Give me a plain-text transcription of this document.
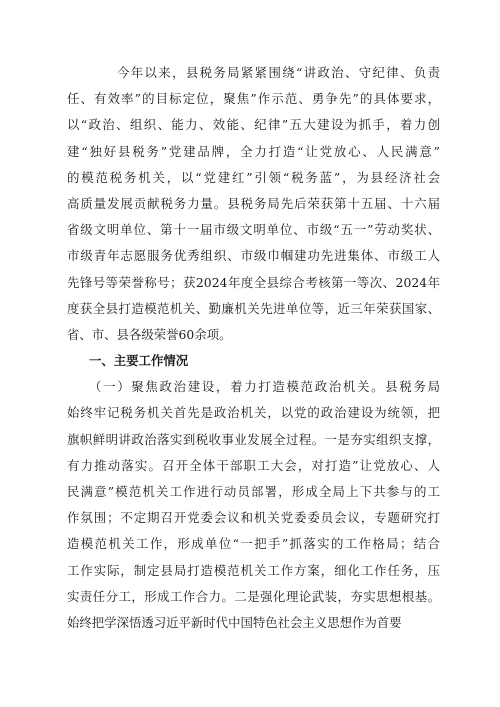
今年以来，县税务局紧紧围绕“讲政治、守纪律、负责
任、有效率”的目标定位，聚焦”作示范、勇争先”的具体要求，
以“政治、组织、能力、效能、纪律”五大建设为抓手，着力创
建“独好县税务”党建品牌，全力打造“让党放心、人民满意”
的模范税务机关，以“党建红”引领“税务蓝”，为县经济社会
高质量发展贡献税务力量。县税务局先后荣获第十五届、十六届
省级文明单位、第十一届市级文明单位、市级“五一”劳动奖状、
市级青年志愿服务优秀组织、市级巾帼建功先进集体、市级工人
先锋号等荣誉称号；获2024年度全县综合考核第一等次、2024年
度获全县打造模范机关、勤廉机关先进单位等，近三年荣获国家、
省、市、县各级荣誉60余项。
一、主要工作情况
（一）聚焦政治建设，着力打造模范政治机关。县税务局
始终牢记税务机关首先是政治机关，以党的政治建设为统领，把
旗帜鲜明讲政治落实到税收事业发展全过程。一是夯实组织支撑，
有力推动落实。召开全体干部职工大会，对打造”让党放心、人
民满意”模范机关工作进行动员部署，形成全局上下共参与的工
作氛围；不定期召开党委会议和机关党委委员会议，专题研究打
造模范机关工作，形成单位“一把手”抓落实的工作格局；结合
工作实际，制定县局打造模范机关工作方案，细化工作任务，压
实责任分工，形成工作合力。二是强化理论武装，夯实思想根基。
始终把学深悟透习近平新时代中国特色社会主义思想作为首要
